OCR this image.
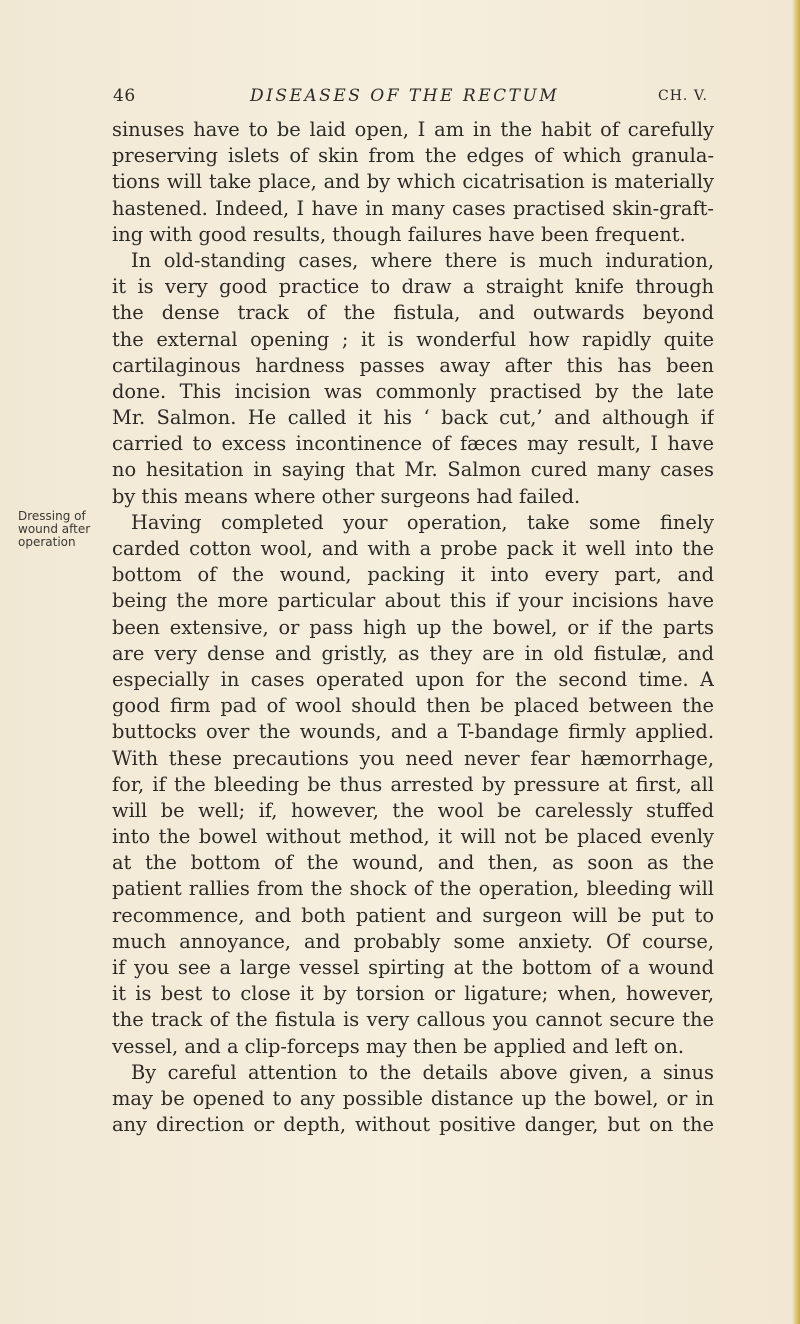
46	DISEASES OF THE RECTUM	CH. V.
Dressing of
wound after
operation
sinuses have to be laid open, I am in the habit of carefully
preserving islets of skin from the edges of which granula-
tions will take place, and by which cicatrisation is materially
hastened. Indeed, I have in many cases practised skin-graft-
ing with good results, though failures have been frequent.
In old-standing cases, where there is much induration,
it is very good practice to draw a straight knife through
the dense track of the fistula, and outwards beyond
the external opening ; it is wonderful how rapidly quite
cartilaginous hardness passes away after this has been
done. This incision was commonly practised by the late
Mr. Salmon. He called it his ‘ back cut,’ and although if
carried to excess incontinence of fæces may result, I have
no hesitation in saying that Mr. Salmon cured many cases
by this means where other surgeons had failed.
Having completed your operation, take some finely
carded cotton wool, and with a probe pack it well into the
bottom of the wound, packing it into every part, and
being the more particular about this if your incisions have
been extensive, or pass high up the bowel, or if the parts
are very dense and gristly, as they are in old fistulæ, and
especially in cases operated upon for the second time. A
good firm pad of wool should then be placed between the
buttocks over the wounds, and a T-bandage firmly applied.
With these precautions you need never fear hæmorrhage,
for, if the bleeding be thus arrested by pressure at first, all
will be well; if, however, the wool be carelessly stuffed
into the bowel without method, it will not be placed evenly
at the bottom of the wound, and then, as soon as the
patient rallies from the shock of the operation, bleeding will
recommence, and both patient and surgeon will be put to
much annoyance, and probably some anxiety. Of course,
if you see a large vessel spirting at the bottom of a wound
it is best to close it by torsion or ligature; when, however,
the track of the fistula is very callous you cannot secure the
vessel, and a clip-forceps may then be applied and left on.
By careful attention to the details above given, a sinus
may be opened to any possible distance up the bowel, or in
any direction or depth, without positive danger, but on the
